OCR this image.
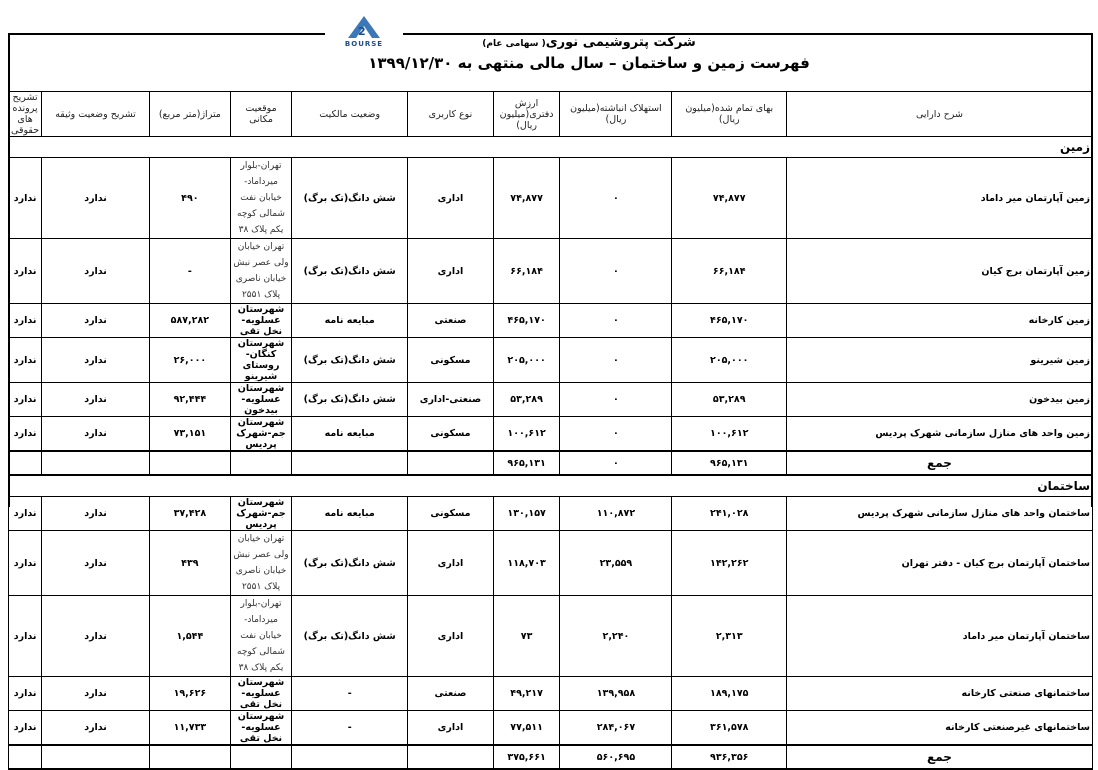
2
BOURSE	شرکت پتروشیمی نوری( سهامی عام)
فهرست زمین و ساختمان – سال مالی منتهی به ۱۳۹۹/۱۲/۳۰
شرح دارایی	بهای تمام شده(میلیون ریال)	استهلاک انباشته(میلیون ریال)	ارزش دفتری(میلیون ریال)	نوع کاربری	وضعیت مالکیت	موقعیت مکانی	متراژ(متر مربع)	تشریح وضعیت وثیقه	تشریح پرونده های حقوقی
زمین									
زمین آپارتمان میر داماد	۷۴,۸۷۷	۰	۷۴,۸۷۷	اداری	شش دانگ(تک برگ)	تهران-بلوار میرداماد-خیابان نفت شمالی کوچه یکم پلاک ۳۸	۴۹۰	ندارد	ندارد
زمین آپارتمان برج کیان	۶۶,۱۸۴	۰	۶۶,۱۸۴	اداری	شش دانگ(تک برگ)	تهران خیابان ولی عصر نبش خیابان ناصری پلاک ۲۵۵۱	-	ندارد	ندارد
زمین کارخانه	۴۶۵,۱۷۰	۰	۴۶۵,۱۷۰	صنعتی	مبایعه نامه	شهرستان عسلویه-نخل تقی	۵۸۷,۲۸۲	ندارد	ندارد
زمین شیرینو	۲۰۵,۰۰۰	۰	۲۰۵,۰۰۰	مسکونی	شش دانگ(تک برگ)	شهرستان کنگان-روستای شیرینو	۲۶,۰۰۰	ندارد	ندارد
زمین بیدخون	۵۳,۲۸۹	۰	۵۳,۲۸۹	صنعتی-اداری	شش دانگ(تک برگ)	شهرستان عسلویه-بیدخون	۹۲,۴۴۴	ندارد	ندارد
زمین واحد های منازل سازمانی شهرک پردیس	۱۰۰,۶۱۲	۰	۱۰۰,۶۱۲	مسکونی	مبایعه نامه	شهرستان جم-شهرک پردیس	۷۳,۱۵۱	ندارد	ندارد
جمع	۹۶۵,۱۳۱	۰	۹۶۵,۱۳۱						
ساختمان									
ساختمان واحد های منازل سازمانی شهرک پردیس	۲۴۱,۰۲۸	۱۱۰,۸۷۲	۱۳۰,۱۵۷	مسکونی	مبایعه نامه	شهرستان جم-شهرک پردیس	۳۷,۴۲۸	ندارد	ندارد
ساختمان آپارتمان برج کیان - دفتر تهران	۱۴۲,۲۶۲	۲۳,۵۵۹	۱۱۸,۷۰۳	اداری	شش دانگ(تک برگ)	تهران خیابان ولی عصر نبش خیابان ناصری پلاک ۲۵۵۱	۴۳۹	ندارد	ندارد
ساختمان آپارتمان میر داماد	۲,۳۱۳	۲,۲۴۰	۷۳	اداری	شش دانگ(تک برگ)	تهران-بلوار میرداماد-خیابان نفت شمالی کوچه یکم پلاک ۳۸	۱,۵۴۴	ندارد	ندارد
ساختمانهای صنعتی کارخانه	۱۸۹,۱۷۵	۱۳۹,۹۵۸	۴۹,۲۱۷	صنعتی	-	شهرستان عسلویه-نخل تقی	۱۹,۶۲۶	ندارد	ندارد
ساختمانهای غیرصنعتی کارخانه	۳۶۱,۵۷۸	۲۸۴,۰۶۷	۷۷,۵۱۱	اداری	-	شهرستان عسلویه-نخل تقی	۱۱,۷۳۳	ندارد	ندارد
جمع	۹۳۶,۳۵۶	۵۶۰,۶۹۵	۳۷۵,۶۶۱						
